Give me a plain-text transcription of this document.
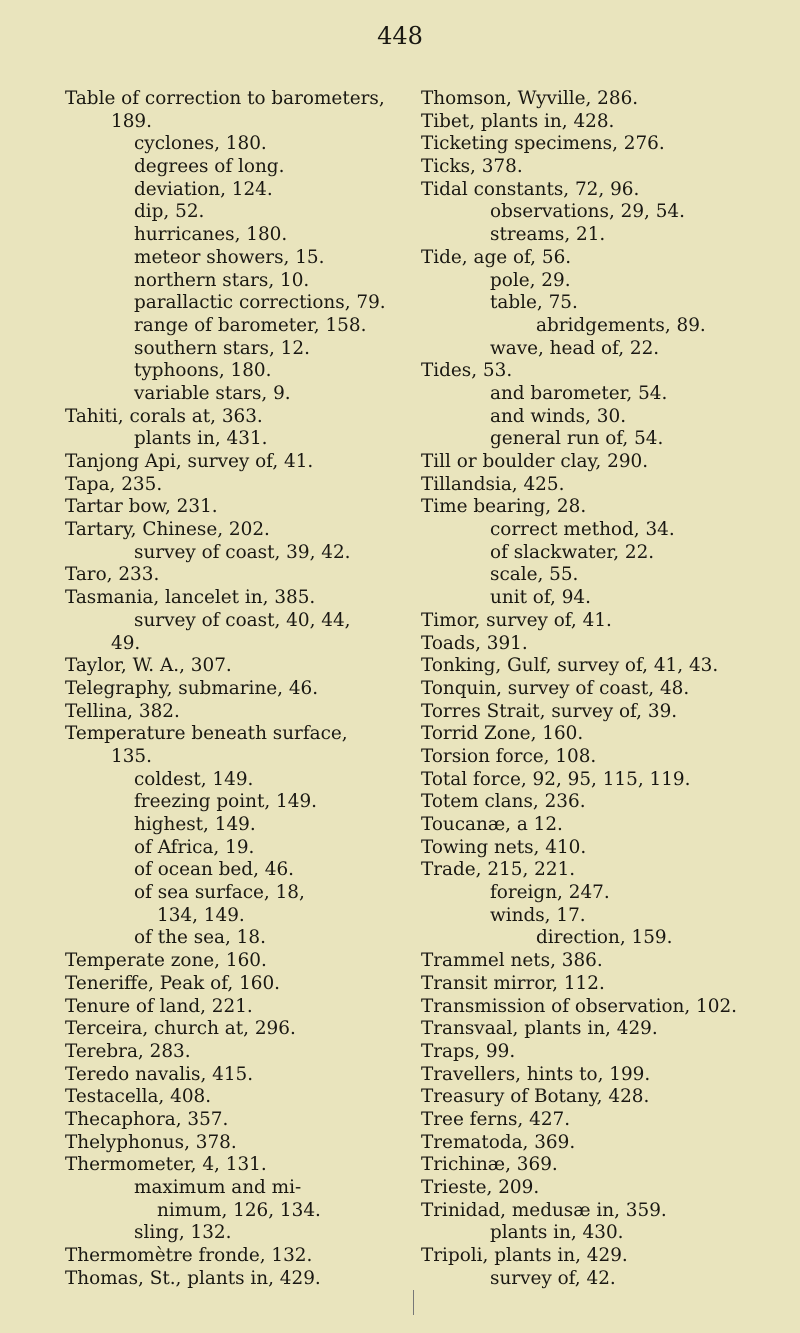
448
Table of correction to barometers,
189.
cyclones, 180.
degrees of long.
deviation, 124.
dip, 52.
hurricanes, 180.
meteor showers, 15.
northern stars, 10.
parallactic corrections, 79.
range of barometer, 158.
southern stars, 12.
typhoons, 180.
variable stars, 9.
Tahiti, corals at, 363.
plants in, 431.
Tanjong Api, survey of, 41.
Tapa, 235.
Tartar bow, 231.
Tartary, Chinese, 202.
survey of coast, 39, 42.
Taro, 233.
Tasmania, lancelet in, 385.
survey of coast, 40, 44,
49.
Taylor, W. A., 307.
Telegraphy, submarine, 46.
Tellina, 382.
Temperature beneath surface,
135.
coldest, 149.
freezing point, 149.
highest, 149.
of Africa, 19.
of ocean bed, 46.
of sea surface, 18,
134, 149.
of the sea, 18.
Temperate zone, 160.
Teneriffe, Peak of, 160.
Tenure of land, 221.
Terceira, church at, 296.
Terebra, 283.
Teredo navalis, 415.
Testacella, 408.
Thecaphora, 357.
Thelyphonus, 378.
Thermometer, 4, 131.
maximum and mi-
nimum, 126, 134.
sling, 132.
Thermomètre fronde, 132.
Thomas, St., plants in, 429.
Thomson, Wyville, 286.
Tibet, plants in, 428.
Ticketing specimens, 276.
Ticks, 378.
Tidal constants, 72, 96.
observations, 29, 54.
streams, 21.
Tide, age of, 56.
pole, 29.
table, 75.
abridgements, 89.
wave, head of, 22.
Tides, 53.
and barometer, 54.
and winds, 30.
general run of, 54.
Till or boulder clay, 290.
Tillandsia, 425.
Time bearing, 28.
correct method, 34.
of slackwater, 22.
scale, 55.
unit of, 94.
Timor, survey of, 41.
Toads, 391.
Tonking, Gulf, survey of, 41, 43.
Tonquin, survey of coast, 48.
Torres Strait, survey of, 39.
Torrid Zone, 160.
Torsion force, 108.
Total force, 92, 95, 115, 119.
Totem clans, 236.
Toucanæ, a 12.
Towing nets, 410.
Trade, 215, 221.
foreign, 247.
winds, 17.
direction, 159.
Trammel nets, 386.
Transit mirror, 112.
Transmission of observation, 102.
Transvaal, plants in, 429.
Traps, 99.
Travellers, hints to, 199.
Treasury of Botany, 428.
Tree ferns, 427.
Trematoda, 369.
Trichinæ, 369.
Trieste, 209.
Trinidad, medusæ in, 359.
plants in, 430.
Tripoli, plants in, 429.
survey of, 42.
